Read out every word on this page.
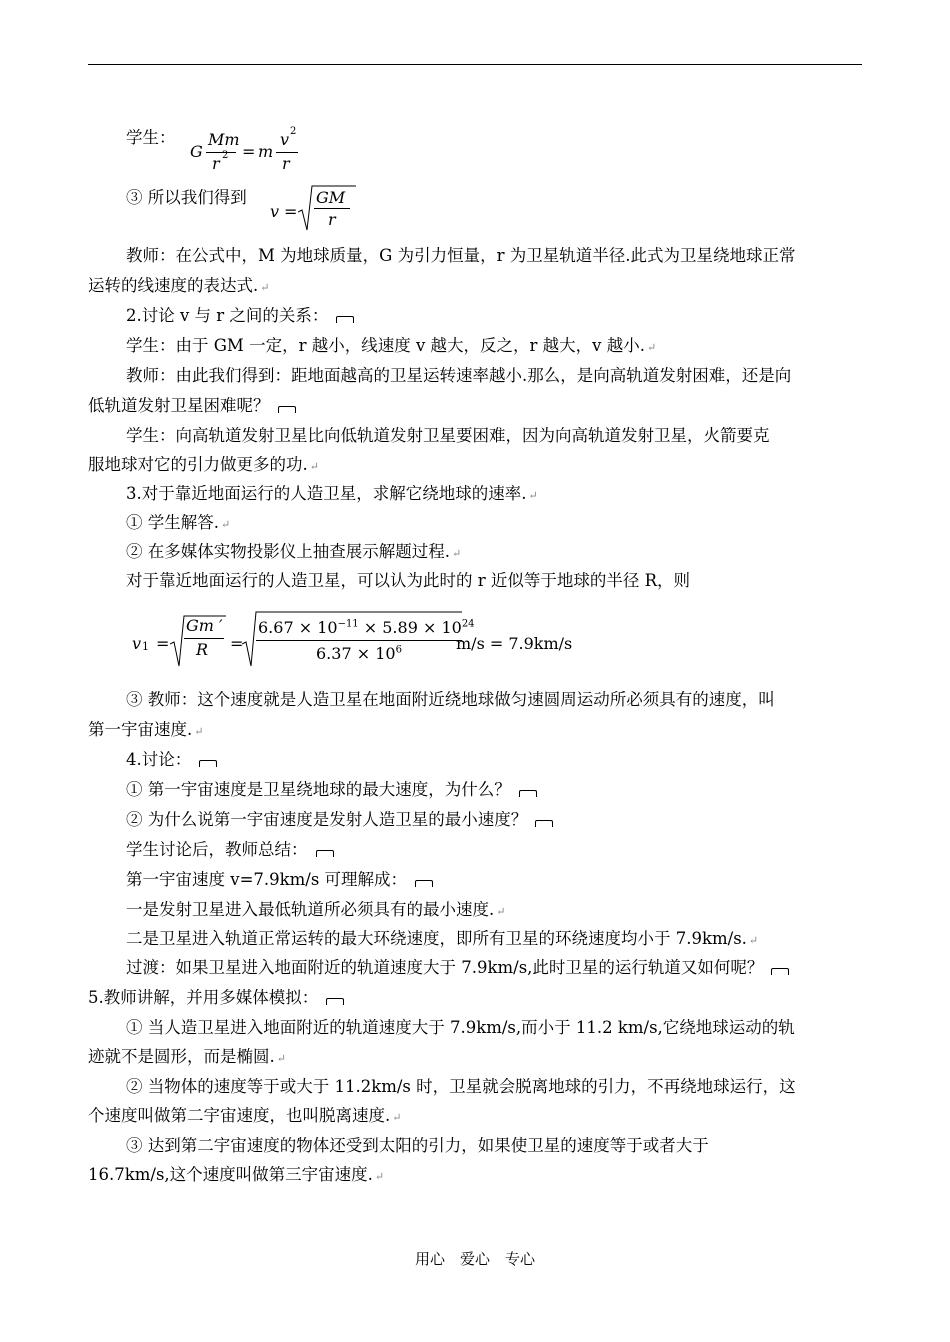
学生：
G
Mm
r 2 = m
v 2
r
③ 所以我们得到
v =
GM
r
教师：在公式中，M 为地球质量，G 为引力恒量，r 为卫星轨道半径.此式为卫星绕地球正常
运转的线速度的表达式. ↵
2.讨论 v 与 r 之间的关系：
学生：由于 GM 一定，r 越小，线速度 v 越大，反之，r 越大，v 越小. ↵
教师：由此我们得到：距地面越高的卫星运转速率越小.那么，是向高轨道发射困难，还是向
低轨道发射卫星困难呢？
学生：向高轨道发射卫星比向低轨道发射卫星要困难，因为向高轨道发射卫星，火箭要克
服地球对它的引力做更多的功. ↵
3.对于靠近地面运行的人造卫星，求解它绕地球的速率. ↵
① 学生解答. ↵
② 在多媒体实物投影仪上抽查展示解题过程. ↵
对于靠近地面运行的人造卫星，可以认为此时的 r 近似等于地球的半径 R，则
v 1 =
Gm ′
R =
$6.67 \times 10^{-11} \times 5.89 \times 10^{24}$
$6.37 \times 10^6$	m/s = 7.9km/s
③ 教师：这个速度就是人造卫星在地面附近绕地球做匀速圆周运动所必须具有的速度，叫
第一宇宙速度. ↵
4.讨论：
① 第一宇宙速度是卫星绕地球的最大速度，为什么？
② 为什么说第一宇宙速度是发射人造卫星的最小速度？
学生讨论后，教师总结：
第一宇宙速度 v=7.9km/s 可理解成：
一是发射卫星进入最低轨道所必须具有的最小速度. ↵
二是卫星进入轨道正常运转的最大环绕速度，即所有卫星的环绕速度均小于 7.9km/s. ↵
过渡：如果卫星进入地面附近的轨道速度大于 7.9km/s,此时卫星的运行轨道又如何呢？
5.教师讲解，并用多媒体模拟：
① 当人造卫星进入地面附近的轨道速度大于 7.9km/s,而小于 11.2 km/s,它绕地球运动的轨
迹就不是圆形，而是椭圆. ↵
② 当物体的速度等于或大于 11.2km/s 时，卫星就会脱离地球的引力，不再绕地球运行，这
个速度叫做第二宇宙速度，也叫脱离速度. ↵
③ 达到第二宇宙速度的物体还受到太阳的引力，如果使卫星的速度等于或者大于
16.7km/s,这个速度叫做第三宇宙速度. ↵
用心　爱心　专心
